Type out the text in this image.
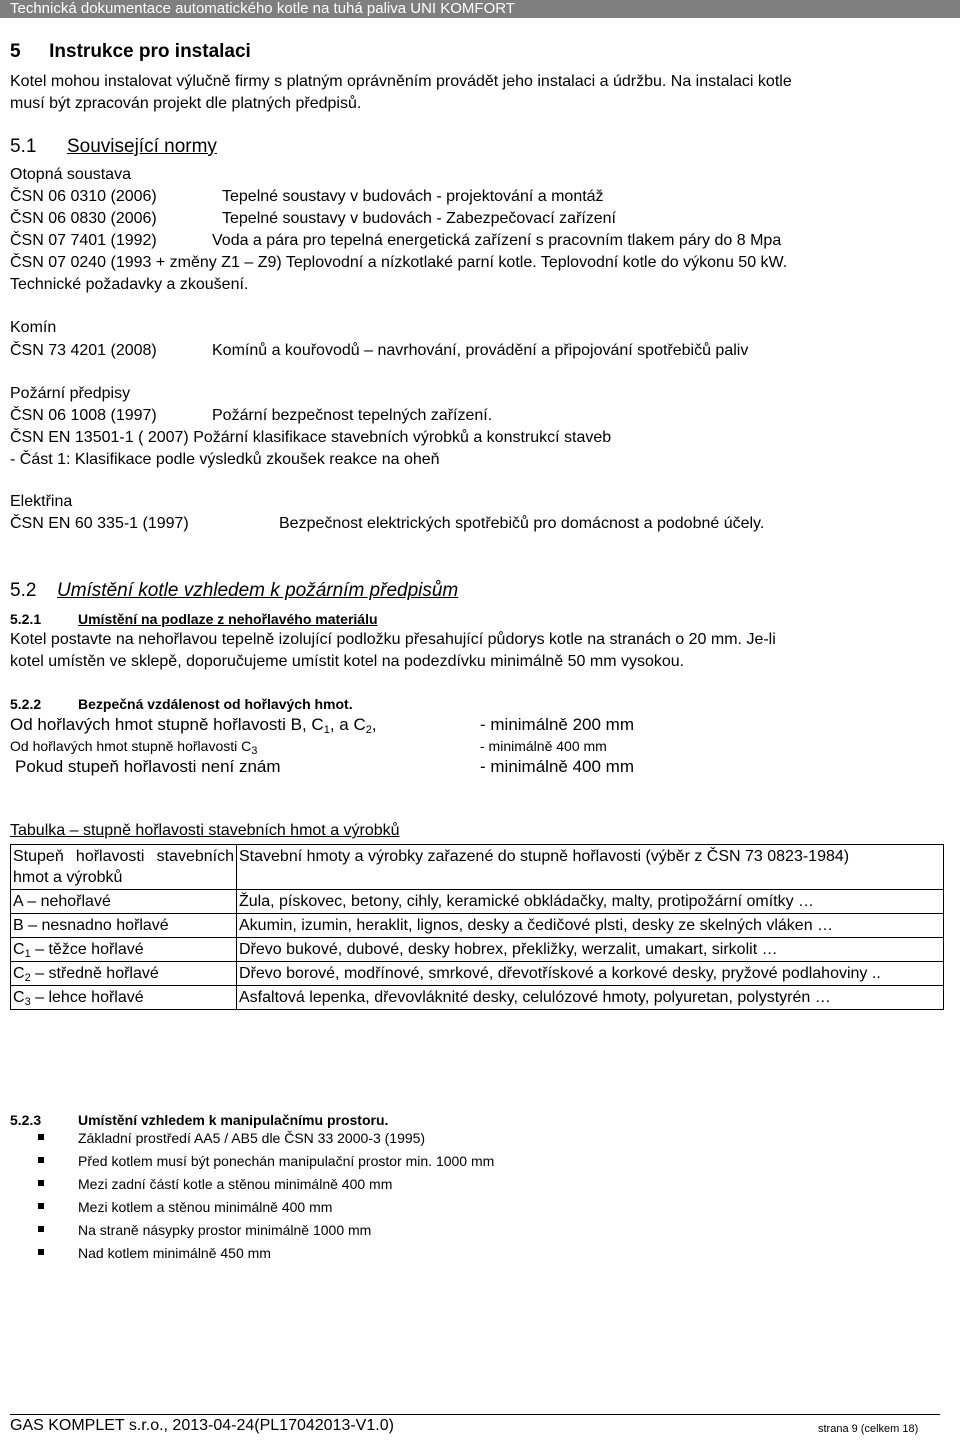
Technická dokumentace automatického kotle na tuhá paliva UNI KOMFORT
5 Instrukce pro instalaci
Kotel mohou instalovat výlučně firmy s platným oprávněním provádět jeho instalaci a údržbu. Na instalaci kotle
musí být zpracován projekt dle platných předpisů.
5.1 Související normy
Otopná soustava
ČSN 06 0310 (2006)	Tepelné soustavy v budovách - projektování a montáž
ČSN 06 0830 (2006)	Tepelné soustavy v budovách - Zabezpečovací zařízení
ČSN 07 7401 (1992)	Voda a pára pro tepelná energetická zařízení s pracovním tlakem páry do 8 Mpa
ČSN 07 0240 (1993 + změny Z1 – Z9) Teplovodní a nízkotlaké parní kotle. Teplovodní kotle do výkonu 50 kW.
Technické požadavky a zkoušení.
Komín
ČSN 73 4201 (2008)	Komínů a kouřovodů – navrhování, provádění a připojování spotřebičů paliv
Požární předpisy
ČSN 06 1008 (1997)	Požární bezpečnost tepelných zařízení.
ČSN EN 13501-1 ( 2007) Požární klasifikace stavebních výrobků a konstrukcí staveb
- Část 1: Klasifikace podle výsledků zkoušek reakce na oheň
Elektřina
ČSN EN 60 335-1 (1997)	Bezpečnost elektrických spotřebičů pro domácnost a podobné účely.
5.2 Umístění kotle vzhledem k požárním předpisům
5.2.1	Umístění na podlaze z nehořlavého materiálu
Kotel postavte na nehořlavou tepelně izolující podložku přesahující půdorys kotle na stranách o 20 mm. Je-li
kotel umístěn ve sklepě, doporučujeme umístit kotel na podezdívku minimálně 50 mm vysokou.
5.2.2	Bezpečná vzdálenost od hořlavých hmot.
Od hořlavých hmot stupně hořlavosti B, $C_1$, a $C_2$,	- minimálně 200 mm
Od hořlavých hmot stupně hořlavosti $C_3$	- minimálně 400 mm
Pokud stupeň hořlavosti není znám	- minimálně 400 mm
Tabulka – stupně hořlavosti stavebních hmot a výrobků
Stupeň hořlavosti stavebních hmot a výrobků	Stavební hmoty a výrobky zařazené do stupně hořlavosti (výběr z ČSN 73 0823-1984)
A – nehořlavé	Žula, pískovec, betony, cihly, keramické obkládačky, malty, protipožární omítky …
B – nesnadno hořlavé	Akumin, izumin, heraklit, lignos, desky a čedičové plsti, desky ze skelných vláken …
$C_1$ – těžce hořlavé	Dřevo bukové, dubové, desky hobrex, překližky, werzalit, umakart, sirkolit …
$C_2$ – středně hořlavé	Dřevo borové, modřínové, smrkové, dřevotřískové a korkové desky, pryžové podlahoviny ..
$C_3$ – lehce hořlavé	Asfaltová lepenka, dřevovláknité desky, celulózové hmoty, polyuretan, polystyrén …
5.2.3	Umístění vzhledem k manipulačnímu prostoru.
Základní prostředí AA5 / AB5 dle ČSN 33 2000-3 (1995)
Před kotlem musí být ponechán manipulační prostor min. 1000 mm
Mezi zadní částí kotle a stěnou minimálně 400 mm
Mezi kotlem a stěnou minimálně 400 mm
Na straně násypky prostor minimálně 1000 mm
Nad kotlem minimálně 450 mm
GAS KOMPLET s.r.o., 2013-04-24(PL17042013-V1.0)	strana 9 (celkem 18)
